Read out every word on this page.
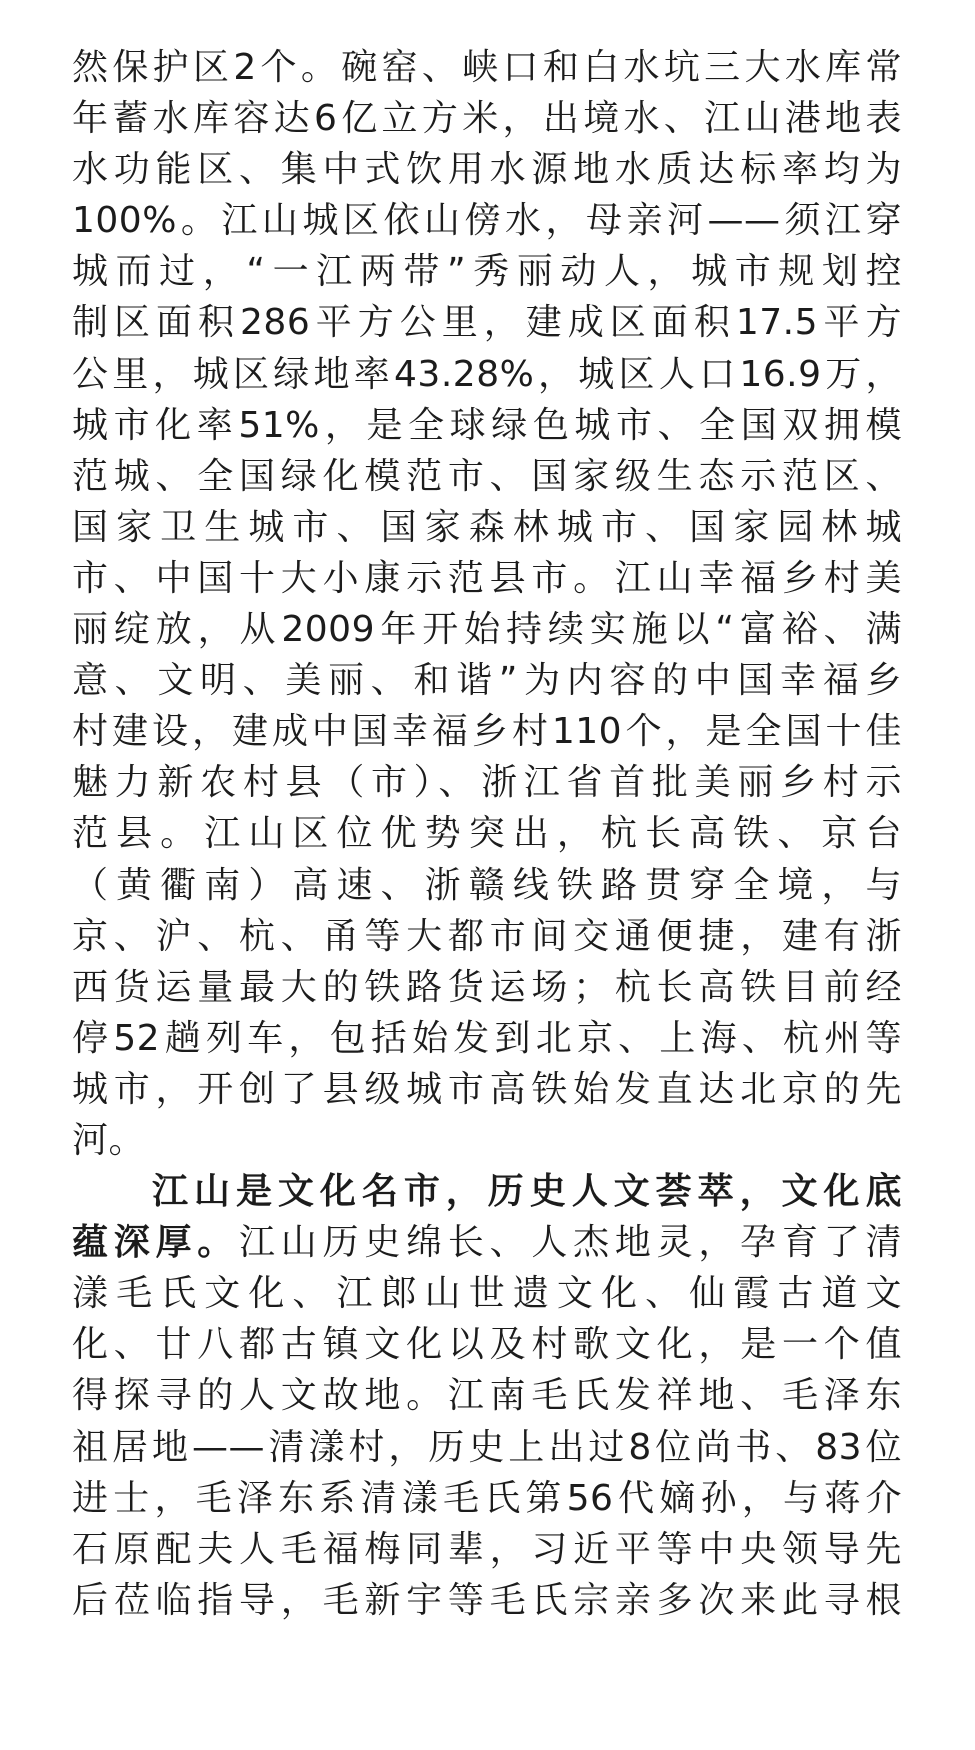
然保护区2个。碗窑、峡口和白水坑三大水库常
年蓄水库容达6亿立方米，出境水、江山港地表
水功能区、集中式饮用水源地水质达标率均为
100%。江山城区依山傍水，母亲河——须江穿
城而过，“一江两带”秀丽动人，城市规划控
制区面积286平方公里，建成区面积17.5平方
公里，城区绿地率43.28%，城区人口16.9万，
城市化率51%，是全球绿色城市、全国双拥模
范城、全国绿化模范市、国家级生态示范区、
国家卫生城市、国家森林城市、国家园林城
市、中国十大小康示范县市。江山幸福乡村美
丽绽放，从2009年开始持续实施以“富裕、满
意、文明、美丽、和谐”为内容的中国幸福乡
村建设，建成中国幸福乡村110个，是全国十佳
魅力新农村县（市）、浙江省首批美丽乡村示
范县。江山区位优势突出，杭长高铁、京台
（黄衢南）高速、浙赣线铁路贯穿全境，与
京、沪、杭、甬等大都市间交通便捷，建有浙
西货运量最大的铁路货运场；杭长高铁目前经
停52趟列车，包括始发到北京、上海、杭州等
城市，开创了县级城市高铁始发直达北京的先
河。
江山是文化名市，历史人文荟萃，文化底
蕴深厚。江山历史绵长、人杰地灵，孕育了清
漾毛氏文化、江郎山世遗文化、仙霞古道文
化、廿八都古镇文化以及村歌文化，是一个值
得探寻的人文故地。江南毛氏发祥地、毛泽东
祖居地——清漾村，历史上出过8位尚书、83位
进士，毛泽东系清漾毛氏第56代嫡孙，与蒋介
石原配夫人毛福梅同辈，习近平等中央领导先
后莅临指导，毛新宇等毛氏宗亲多次来此寻根
